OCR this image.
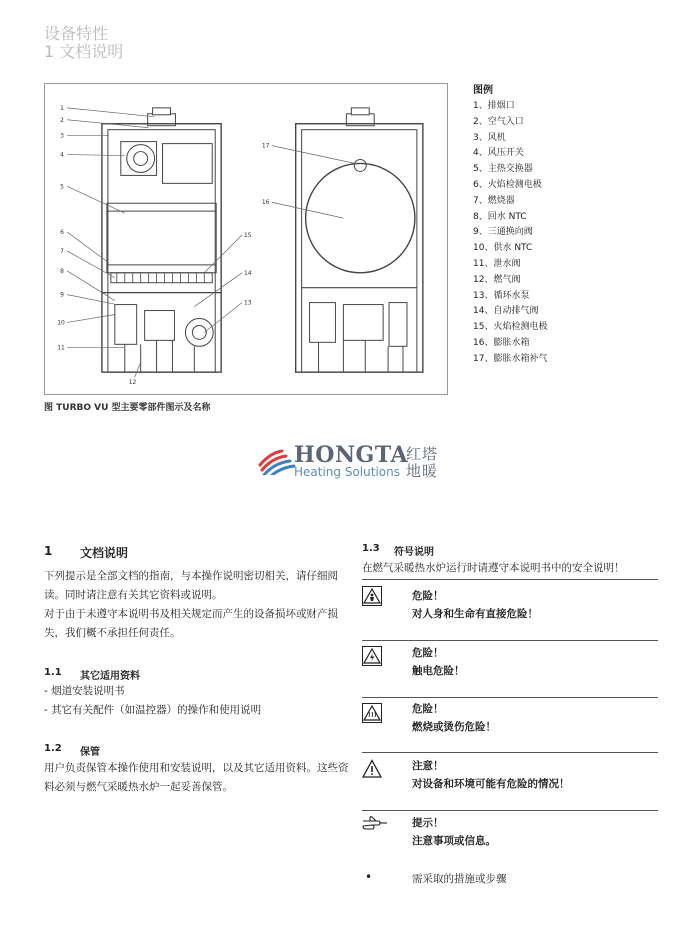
设备特性
1 文档说明
1
2
3
4
5
6
7
8
9
10
11
12
13
14
15
16
17
图 TURBO VU 型主要零部件图示及名称
图例
1、排烟口
2、空气入口
3、风机
4、风压开关
5、主热交换器
6、火焰检测电极
7、燃烧器
8、回水 NTC
9、三通换向阀
10、供水 NTC
11、泄水阀
12、燃气阀
13、循环水泵
14、自动排气阀
15、火焰检测电极
16、膨胀水箱
17、膨胀水箱补气
HONGTA
Heating Solutions
红塔
地暖
1 文档说明
下列提示是全部文档的指南，与本操作说明密切相关，请仔细阅读。同时请注意有关其它资料或说明。
对于由于未遵守本说明书及相关规定而产生的设备损坏或财产损失，我们概不承担任何责任。
1.1 其它适用资料
- 烟道安装说明书
- 其它有关配件（如温控器）的操作和使用说明
1.2 保管
用户负责保管本操作使用和安装说明，以及其它适用资料。这些资料必须与燃气采暖热水炉一起妥善保管。
1.3 符号说明
在燃气采暖热水炉运行时请遵守本说明书中的安全说明！
危险！
对人身和生命有直接危险！
危险！
触电危险！
危险！
燃烧或烫伤危险！
注意！
对设备和环境可能有危险的情况！
提示！
注意事项或信息。
•	需采取的措施或步骤
